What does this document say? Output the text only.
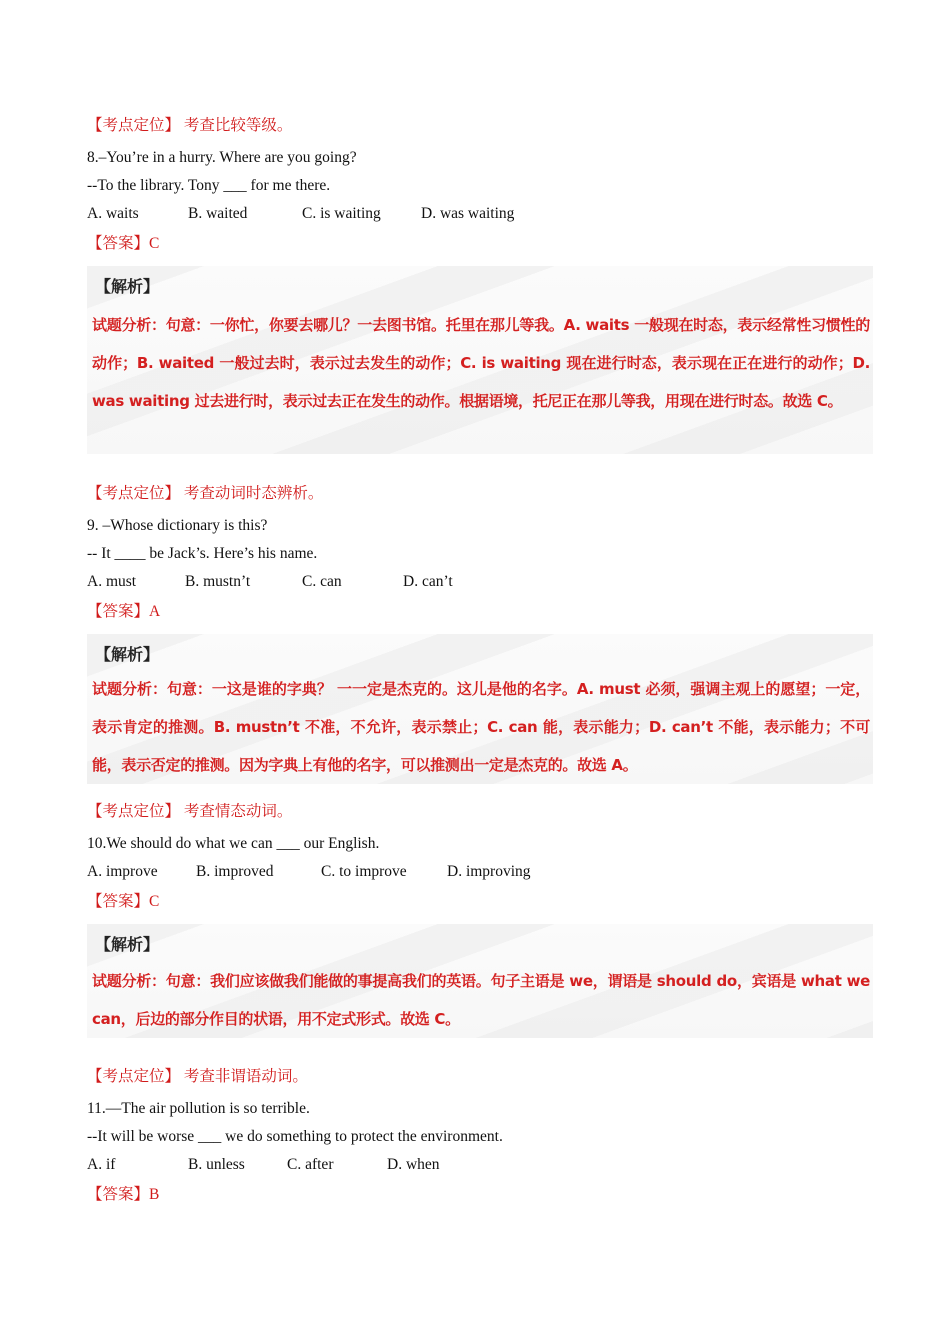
【考点定位】 考查比较等级。
8.–You’re in a hurry. Where are you going?
--To the library. Tony ___ for me there.
A. waits	B. waited	C. is waiting	D. was waiting
【答案】C
【解析】
试题分析：句意：一你忙，你要去哪儿？一去图书馆。托里在那儿等我。A. waits 一般现在时态，表示经常性习惯性的动作；B. waited 一般过去时，表示过去发生的动作；C. is waiting 现在进行时态，表示现在正在进行的动作；D. was waiting 过去进行时，表示过去正在发生的动作。根据语境，托尼正在那儿等我，用现在进行时态。故选 C。
【考点定位】 考查动词时态辨析。
9. –Whose dictionary is this?
-- It ____ be Jack’s. Here’s his name.
A. must	B. mustn’t	C. can	D. can’t
【答案】A
【解析】
试题分析：句意：一这是谁的字典？ 一一定是杰克的。这儿是他的名字。A. must 必须，强调主观上的愿望；一定，表示肯定的推测。B. mustn’t 不准，不允许，表示禁止；C. can 能，表示能力；D. can’t 不能，表示能力；不可能，表示否定的推测。因为字典上有他的名字，可以推测出一定是杰克的。故选 A。
【考点定位】 考查情态动词。
10.We should do what we can ___ our English.
A. improve B. improved	C. to improve	D. improving
【答案】C
【解析】
试题分析：句意：我们应该做我们能做的事提高我们的英语。句子主语是 we，谓语是 should do，宾语是 what we can，后边的部分作目的状语，用不定式形式。故选 C。
【考点定位】 考查非谓语动词。
11.—The air pollution is so terrible.
--It will be worse ___ we do something to protect the environment.
A. if	B. unless	C. after	D. when
【答案】B
